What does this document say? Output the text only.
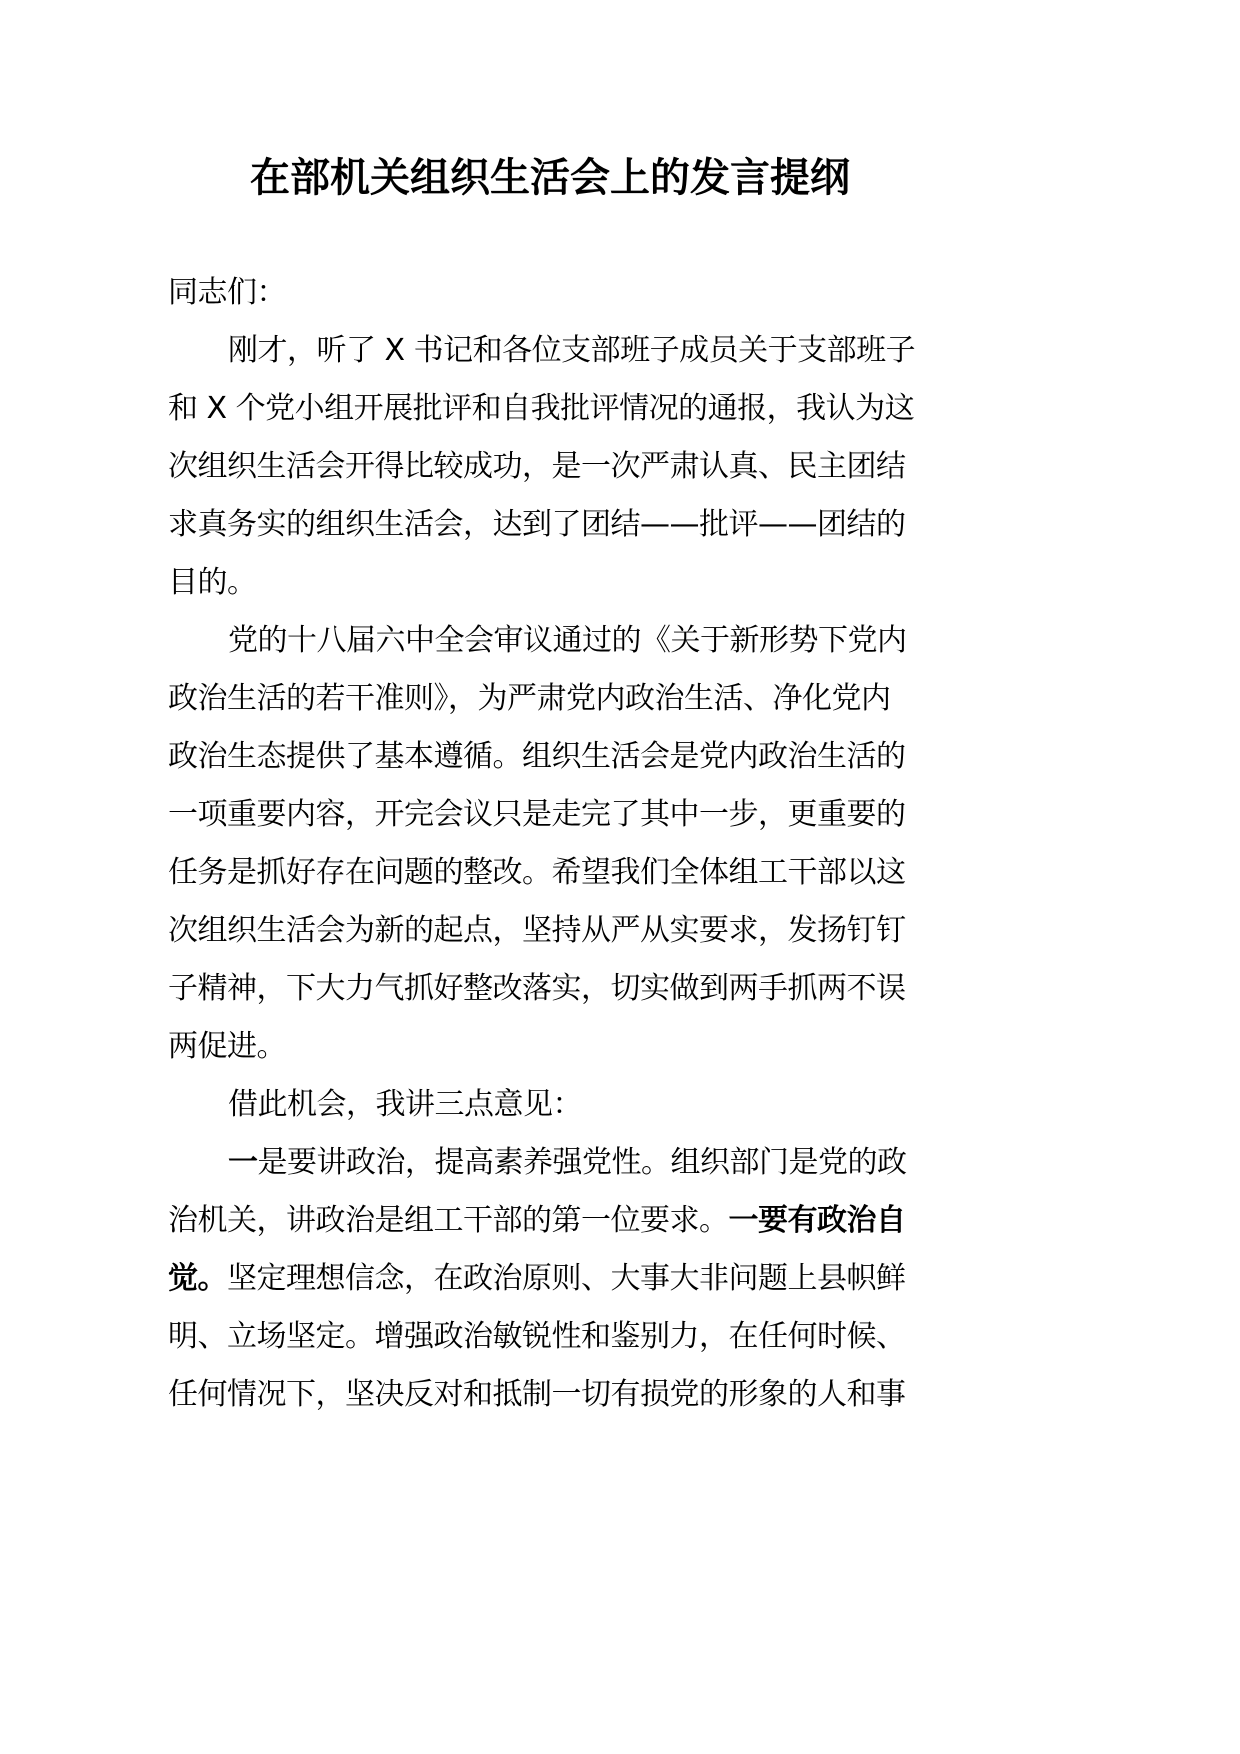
在部机关组织生活会上的发言提纲
同志们：
刚才，听了 X 书记和各位支部班子成员关于支部班子
和 X 个党小组开展批评和自我批评情况的通报，我认为这
次组织生活会开得比较成功，是一次严肃认真、民主团结
求真务实的组织生活会，达到了团结——批评——团结的
目的。
党的十八届六中全会审议通过的《关于新形势下党内
政治生活的若干准则》，为严肃党内政治生活、净化党内
政治生态提供了基本遵循。组织生活会是党内政治生活的
一项重要内容，开完会议只是走完了其中一步，更重要的
任务是抓好存在问题的整改。希望我们全体组工干部以这
次组织生活会为新的起点，坚持从严从实要求，发扬钉钉
子精神，下大力气抓好整改落实，切实做到两手抓两不误
两促进。
借此机会，我讲三点意见：
一是要讲政治，提高素养强党性。组织部门是党的政
治机关，讲政治是组工干部的第一位要求。一要有政治自
觉。坚定理想信念，在政治原则、大事大非问题上县帜鲜
明、立场坚定。增强政治敏锐性和鉴别力，在任何时候、
任何情况下，坚决反对和抵制一切有损党的形象的人和事
